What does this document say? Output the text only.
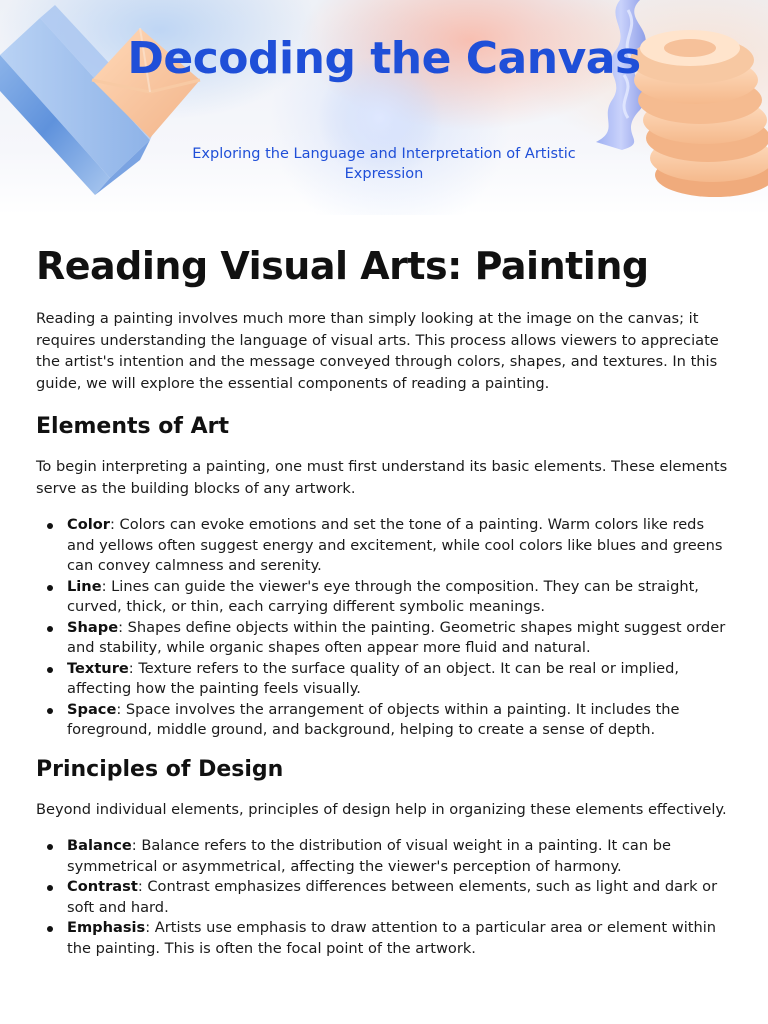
Decoding the Canvas

Exploring the Language and Interpretation of Artistic Expression

Reading Visual Arts: Painting

Reading a painting involves much more than simply looking at the image on the canvas; it requires understanding the language of visual arts. This process allows viewers to appreciate the artist's intention and the message conveyed through colors, shapes, and textures. In this guide, we will explore the essential components of reading a painting.

Elements of Art

To begin interpreting a painting, one must first understand its basic elements. These elements serve as the building blocks of any artwork.

Color: Colors can evoke emotions and set the tone of a painting. Warm colors like reds and yellows often suggest energy and excitement, while cool colors like blues and greens can convey calmness and serenity.
Line: Lines can guide the viewer's eye through the composition. They can be straight, curved, thick, or thin, each carrying different symbolic meanings.
Shape: Shapes define objects within the painting. Geometric shapes might suggest order and stability, while organic shapes often appear more fluid and natural.
Texture: Texture refers to the surface quality of an object. It can be real or implied, affecting how the painting feels visually.
Space: Space involves the arrangement of objects within a painting. It includes the foreground, middle ground, and background, helping to create a sense of depth.
Principles of Design

Beyond individual elements, principles of design help in organizing these elements effectively.

Balance: Balance refers to the distribution of visual weight in a painting. It can be symmetrical or asymmetrical, affecting the viewer's perception of harmony.
Contrast: Contrast emphasizes differences between elements, such as light and dark or soft and hard.
Emphasis: Artists use emphasis to draw attention to a particular area or element within the painting. This is often the focal point of the artwork.
